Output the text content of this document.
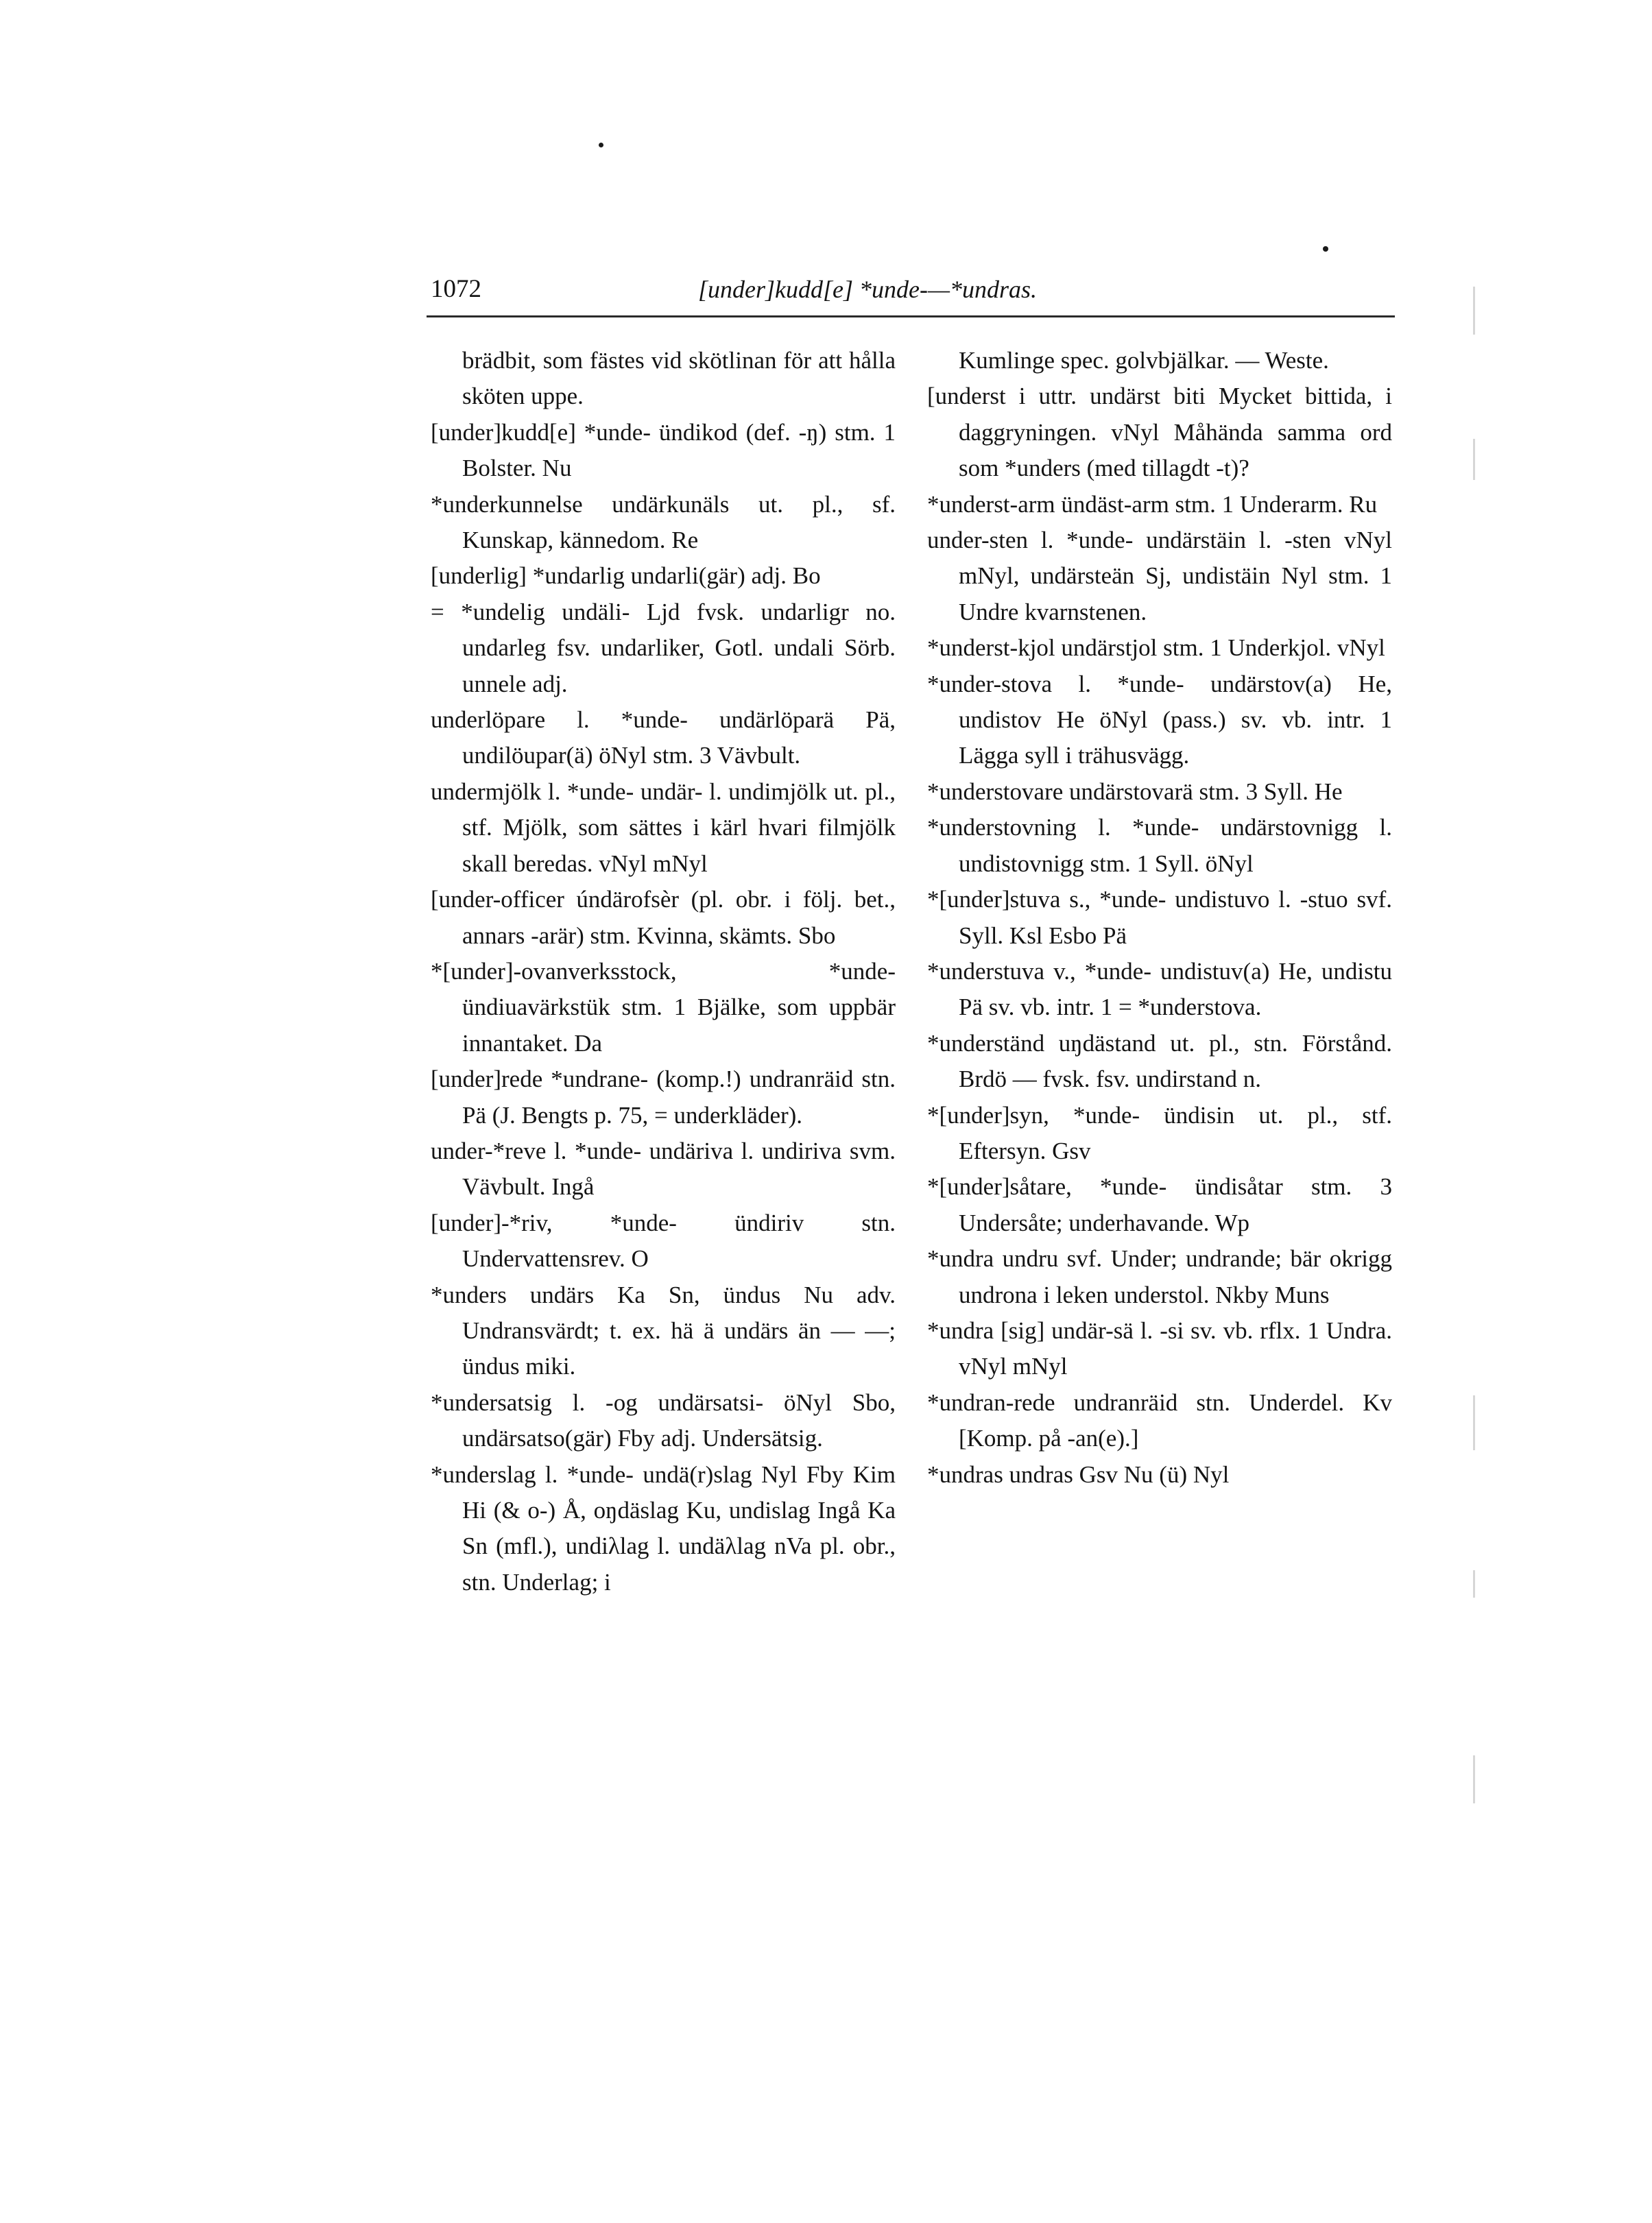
1072	[under]kudd[e] *unde-—*undras.

brädbit, som fästes vid skötlinan för att hålla sköten uppe.

[under]kudd[e] *unde- ündikod (def. -ŋ) stm. 1 Bolster. Nu

*underkunnelse undärkunäls ut. pl., sf. Kunskap, kännedom. Re

[underlig] *undarlig undarli(gär) adj. Bo

= *undelig undäli- Ljd fvsk. undarligr no. undarleg fsv. undarliker, Gotl. undali Sörb. unnele adj.

underlöpare l. *unde- undärlöparä Pä, undilöupar(ä) öNyl stm. 3 Vävbult.

undermjölk l. *unde- undär- l. undimjölk ut. pl., stf. Mjölk, som sättes i kärl hvari filmjölk skall beredas. vNyl mNyl

[under-officer úndärofsèr (pl. obr. i följ. bet., annars -arär) stm. Kvinna, skämts. Sbo

*[under]-ovanverksstock, *unde- ündiuavärkstük stm. 1 Bjälke, som uppbär innantaket. Da

[under]rede *undrane- (komp.!) undranräid stn. Pä (J. Bengts p. 75, = underkläder).

under-*reve l. *unde- undäriva l. undiriva svm. Vävbult. Ingå

[under]-*riv, *unde- ündiriv stn. Undervattensrev. O

*unders undärs Ka Sn, ündus Nu adv. Undransvärdt; t. ex. hä ä undärs än — —; ündus miki.

*undersatsig l. -og undärsatsi- öNyl Sbo, undärsatso(gär) Fby adj. Undersätsig.

*underslag l. *unde- undä(r)slag Nyl Fby Kim Hi (& o-) Å, oŋdäslag Ku, undislag Ingå Ka Sn (mfl.), undiλlag l. undäλlag nVa pl. obr., stn. Underlag; i

Kumlinge spec. golvbjälkar. — Weste.

[underst i uttr. undärst biti Mycket bittida, i daggryningen. vNyl Måhända samma ord som *unders (med tillagdt -t)?

*underst-arm ündäst-arm stm. 1 Underarm. Ru

under-sten l. *unde- undärstäin l. -sten vNyl mNyl, undärsteän Sj, undistäin Nyl stm. 1 Undre kvarnstenen.

*underst-kjol undärstjol stm. 1 Underkjol. vNyl

*under-stova l. *unde- undärstov(a) He, undistov He öNyl (pass.) sv. vb. intr. 1 Lägga syll i trähusvägg.

*understovare undärstovarä stm. 3 Syll. He

*understovning l. *unde- undärstovnigg l. undistovnigg stm. 1 Syll. öNyl

*[under]stuva s., *unde- undistuvo l. -stuo svf. Syll. Ksl Esbo Pä

*understuva v., *unde- undistuv(a) He, undistu Pä sv. vb. intr. 1 = *understova.

*underständ uŋdästand ut. pl., stn. Förstånd. Brdö — fvsk. fsv. undirstand n.

*[under]syn, *unde- ündisin ut. pl., stf. Eftersyn. Gsv

*[under]såtare, *unde- ündisåtar stm. 3 Undersåte; underhavande. Wp

*undra undru svf. Under; undrande; bär okrigg undrona i leken understol. Nkby Muns

*undra [sig] undär-sä l. -si sv. vb. rflx. 1 Undra. vNyl mNyl

*undran-rede undranräid stn. Underdel. Kv [Komp. på -an(e).]

*undras undras Gsv Nu (ü) Nyl
